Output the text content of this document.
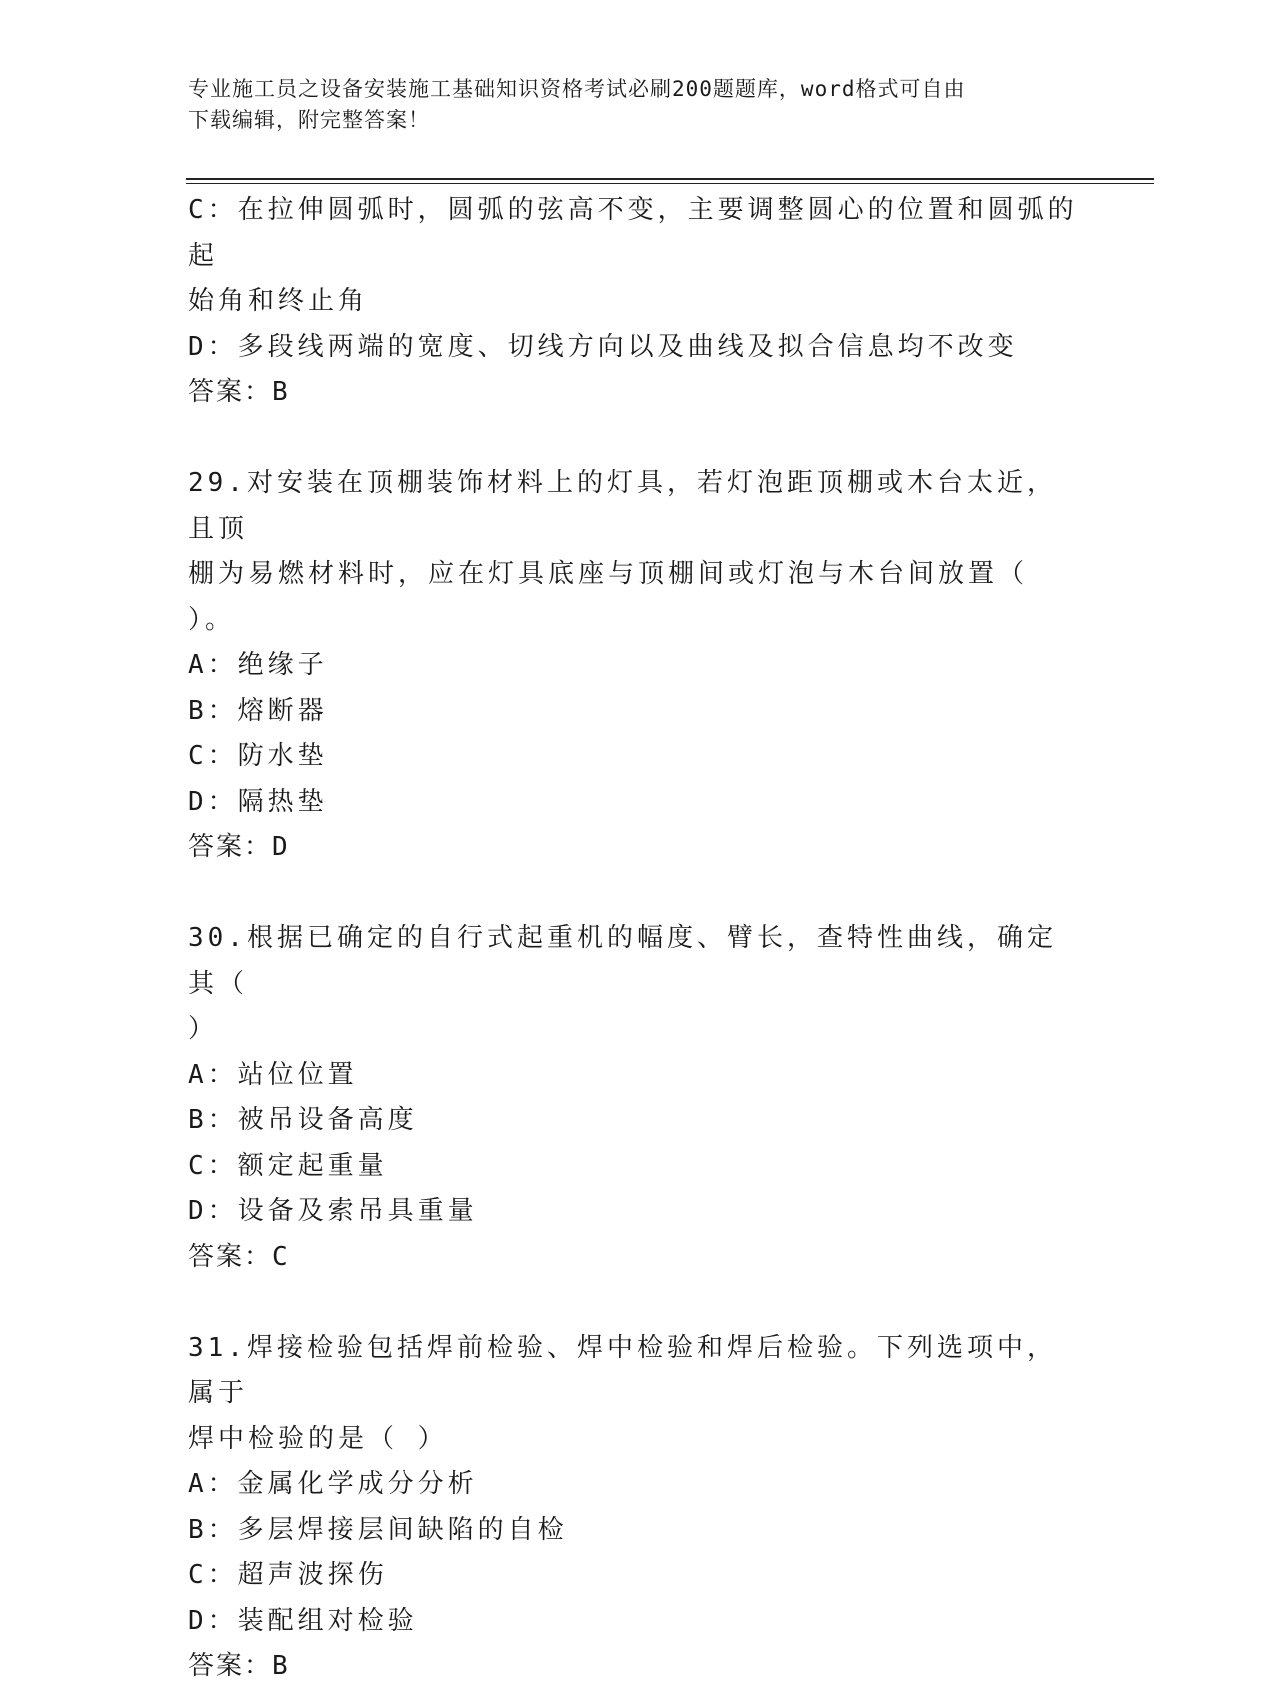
专业施工员之设备安装施工基础知识资格考试必刷200题题库，word格式可自由
下载编辑，附完整答案！

C：在拉伸圆弧时，圆弧的弦高不变，主要调整圆心的位置和圆弧的起

始角和终止角

D：多段线两端的宽度、切线方向以及曲线及拟合信息均不改变

答案：B

29.对安装在顶棚装饰材料上的灯具，若灯泡距顶棚或木台太近，且顶

棚为易燃材料时，应在灯具底座与顶棚间或灯泡与木台间放置（ ）。

A：绝缘子

B：熔断器

C：防水垫

D：隔热垫

答案：D

30.根据已确定的自行式起重机的幅度、臂长，查特性曲线，确定其（

）

A：站位位置

B：被吊设备高度

C：额定起重量

D：设备及索吊具重量

答案：C

31.焊接检验包括焊前检验、焊中检验和焊后检验。下列选项中，属于

焊中检验的是（ ）

A：金属化学成分分析

B：多层焊接层间缺陷的自检

C：超声波探伤

D：装配组对检验

答案：B
